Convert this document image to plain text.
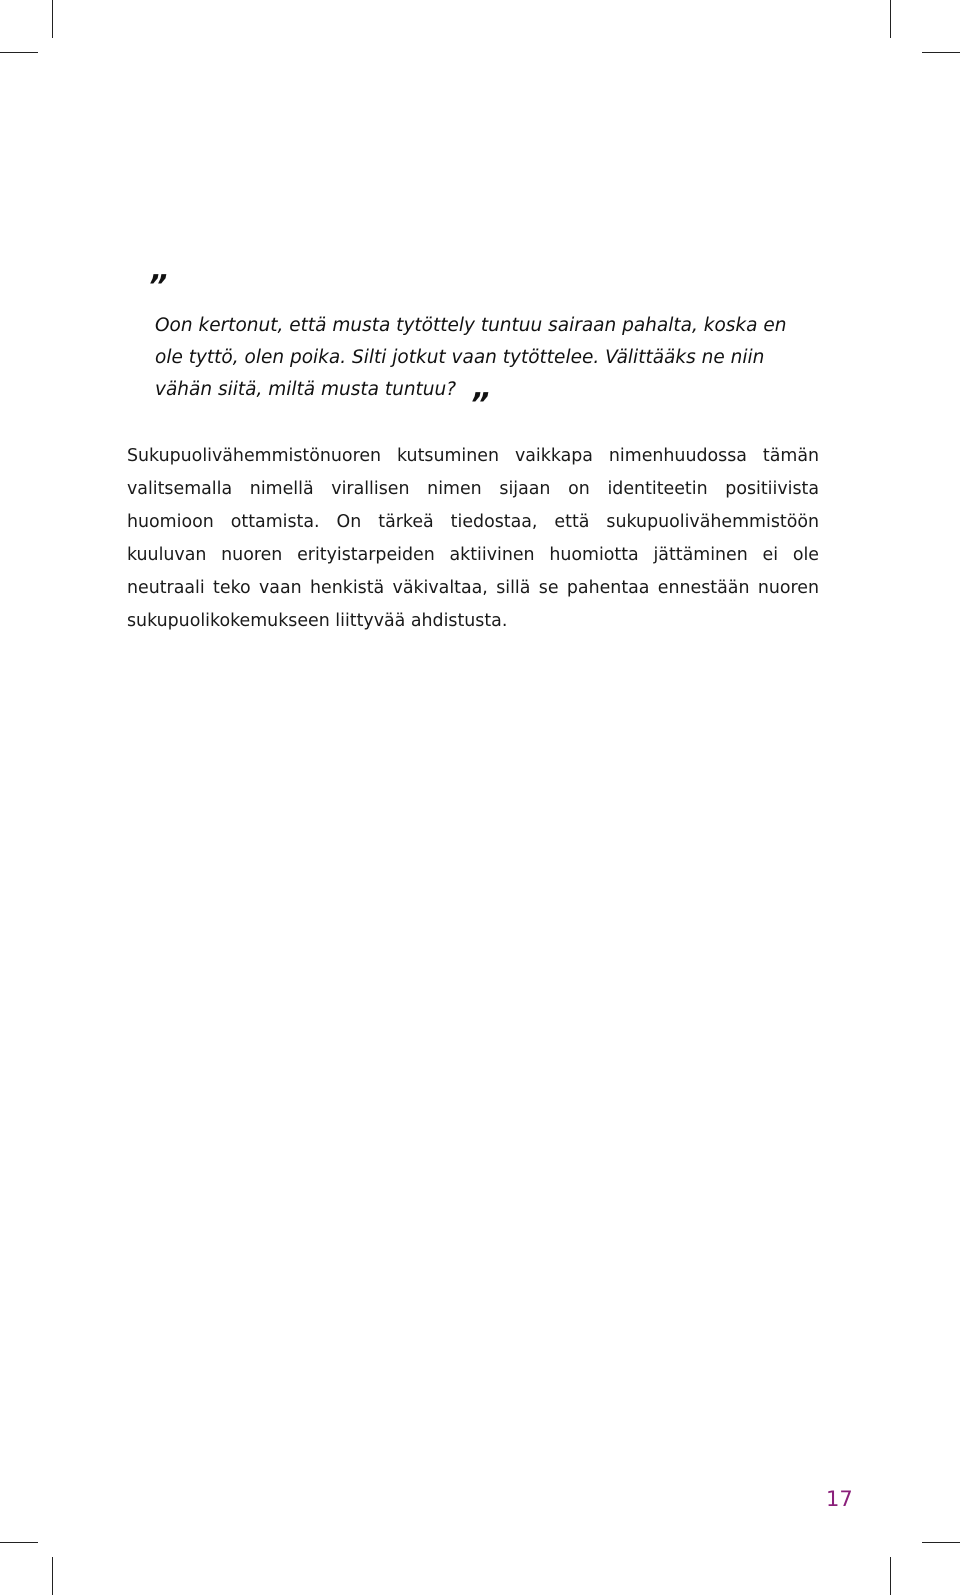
”

Oon kertonut, että musta tytöttely tuntuu sairaan pahalta, koska en ole tyttö, olen poika. Silti jotkut vaan tytöttelee. Välittääks ne niin vähän siitä, miltä musta tuntuu? ”

Sukupuolivähemmistönuoren kutsuminen vaikkapa nimenhuudossa tämän valitsemalla nimellä virallisen nimen sijaan on identiteetin positiivista huomioon ottamista. On tärkeä tiedostaa, että sukupuolivähemmistöön kuuluvan nuoren erityistarpeiden aktiivinen huomiotta jättäminen ei ole neutraali teko vaan henkistä väkivaltaa, sillä se pahentaa ennestään nuoren sukupuolikokemukseen liittyvää ahdistusta.

17
